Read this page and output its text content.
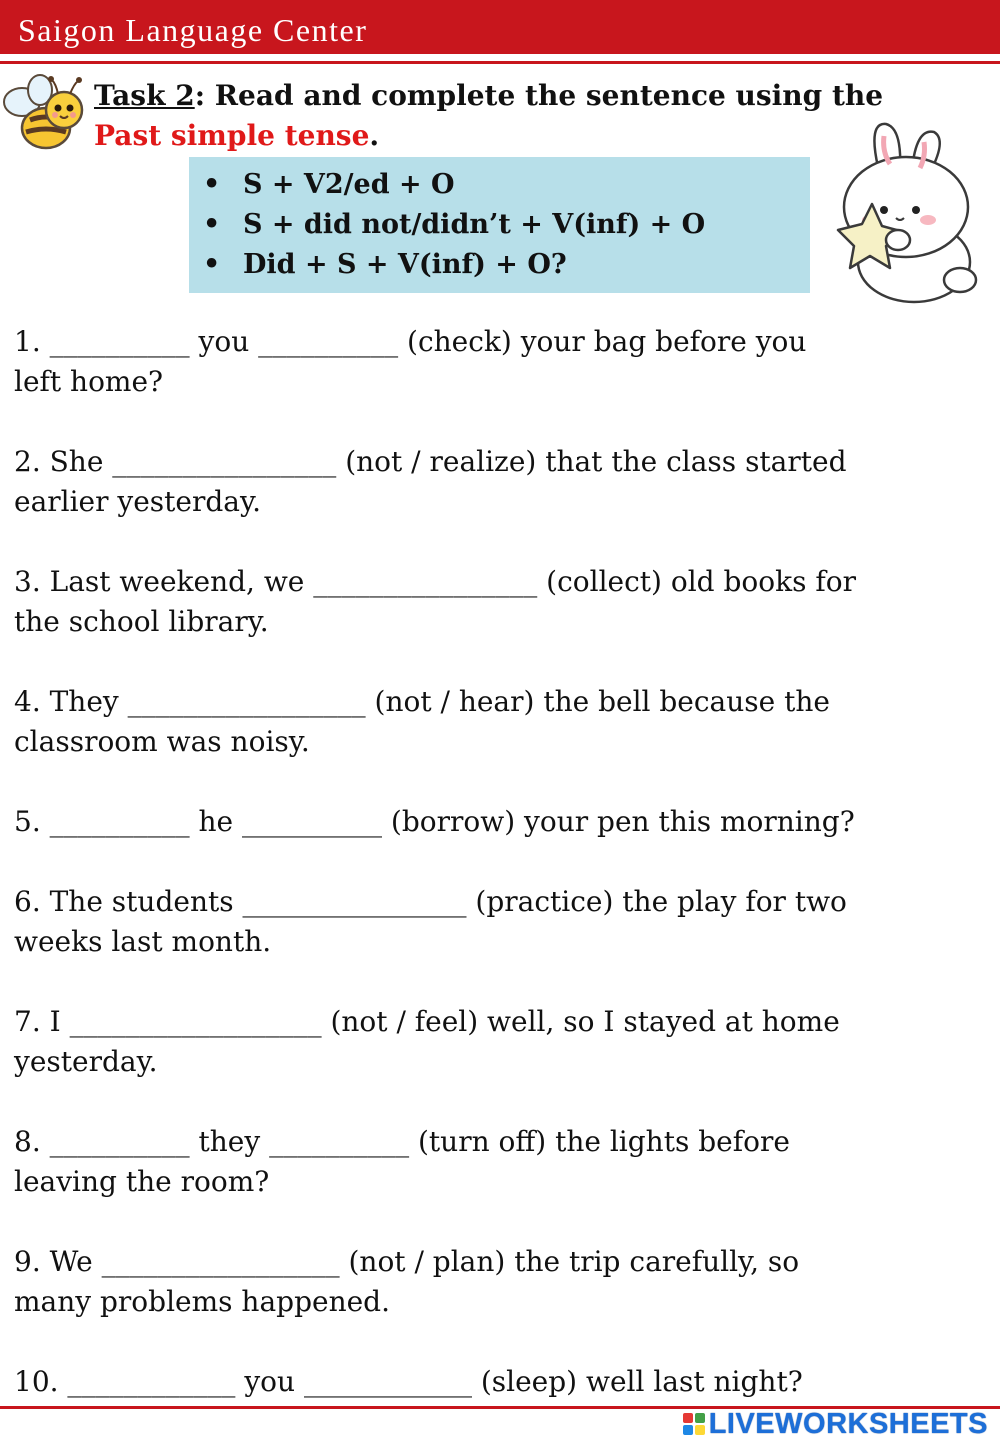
Saigon Language Center
Task 2: Read and complete the sentence using the
Past simple tense.
• S + V2/ed + O
• S + did not/didn’t + V(inf) + O
• Did + S + V(inf) + O?
1. __________ you __________ (check) your bag before you
left home?
2. She ________________ (not / realize) that the class started
earlier yesterday.
3. Last weekend, we ________________ (collect) old books for
the school library.
4. They _________________ (not / hear) the bell because the
classroom was noisy.
5. __________ he __________ (borrow) your pen this morning?
6. The students ________________ (practice) the play for two
weeks last month.
7. I __________________ (not / feel) well, so I stayed at home
yesterday.
8. __________ they __________ (turn off) the lights before
leaving the room?
9. We _________________ (not / plan) the trip carefully, so
many problems happened.
10. ____________ you ____________ (sleep) well last night?
LIVEWORKSHEETS
